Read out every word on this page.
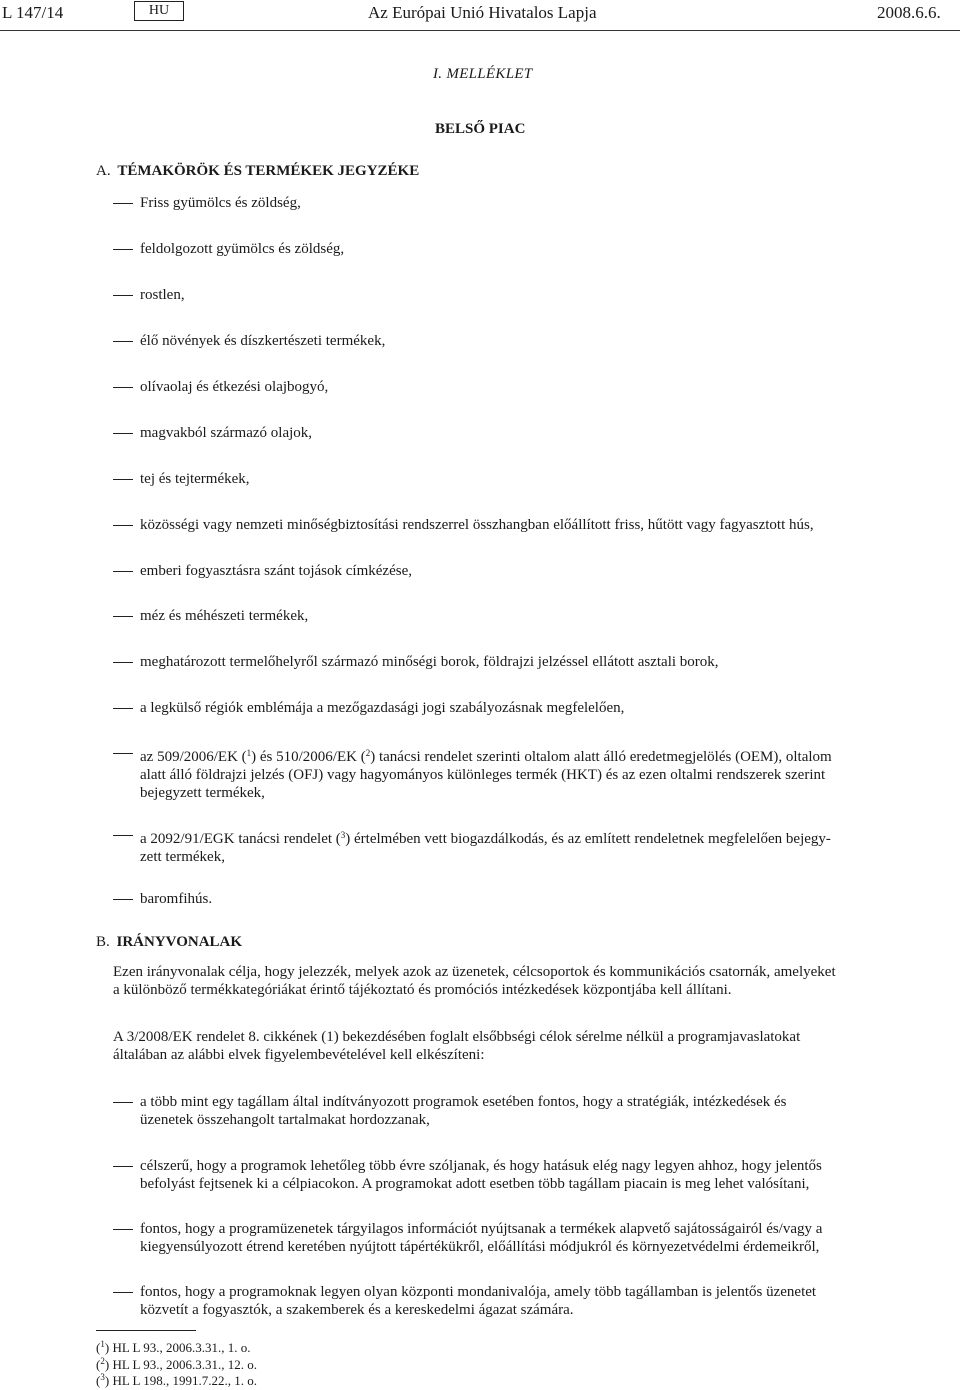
L 147/14	HU	Az Európai Unió Hivatalos Lapja	2008.6.6.
I. MELLÉKLET
BELSŐ PIAC
A. TÉMAKÖRÖK ÉS TERMÉKEK JEGYZÉKE
Friss gyümölcs és zöldség,
feldolgozott gyümölcs és zöldség,
rostlen,
élő növények és díszkertészeti termékek,
olívaolaj és étkezési olajbogyó,
magvakból származó olajok,
tej és tejtermékek,
közösségi vagy nemzeti minőségbiztosítási rendszerrel összhangban előállított friss, hűtött vagy fagyasztott hús,
emberi fogyasztásra szánt tojások címkézése,
méz és méhészeti termékek,
meghatározott termelőhelyről származó minőségi borok, földrajzi jelzéssel ellátott asztali borok,
a legkülső régiók emblémája a mezőgazdasági jogi szabályozásnak megfelelően,
az 509/2006/EK ($^1$) és 510/2006/EK ($^2$) tanácsi rendelet szerinti oltalom alatt álló eredetmegjelölés (OEM), oltalom
alatt álló földrajzi jelzés (OFJ) vagy hagyományos különleges termék (HKT) és az ezen oltalmi rendszerek szerint
bejegyzett termékek,
a 2092/91/EGK tanácsi rendelet ($^3$) értelmében vett biogazdálkodás, és az említett rendeletnek megfelelően bejegy-
zett termékek,
baromfihús.
B. IRÁNYVONALAK
Ezen irányvonalak célja, hogy jelezzék, melyek azok az üzenetek, célcsoportok és kommunikációs csatornák, amelyeket
a különböző termékkategóriákat érintő tájékoztató és promóciós intézkedések központjába kell állítani.
A 3/2008/EK rendelet 8. cikkének (1) bekezdésében foglalt elsőbbségi célok sérelme nélkül a programjavaslatokat
általában az alábbi elvek figyelembevételével kell elkészíteni:
a több mint egy tagállam által indítványozott programok esetében fontos, hogy a stratégiák, intézkedések és
üzenetek összehangolt tartalmakat hordozzanak,
célszerű, hogy a programok lehetőleg több évre szóljanak, és hogy hatásuk elég nagy legyen ahhoz, hogy jelentős
befolyást fejtsenek ki a célpiacokon. A programokat adott esetben több tagállam piacain is meg lehet valósítani,
fontos, hogy a programüzenetek tárgyilagos információt nyújtsanak a termékek alapvető sajátosságairól és/vagy a
kiegyensúlyozott étrend keretében nyújtott tápértékükről, előállítási módjukról és környezetvédelmi érdemeikről,
fontos, hogy a programoknak legyen olyan központi mondanivalója, amely több tagállamban is jelentős üzenetet
közvetít a fogyasztók, a szakemberek és a kereskedelmi ágazat számára.
($^1$) HL L 93., 2006.3.31., 1. o.
($^2$) HL L 93., 2006.3.31., 12. o.
($^3$) HL L 198., 1991.7.22., 1. o.
